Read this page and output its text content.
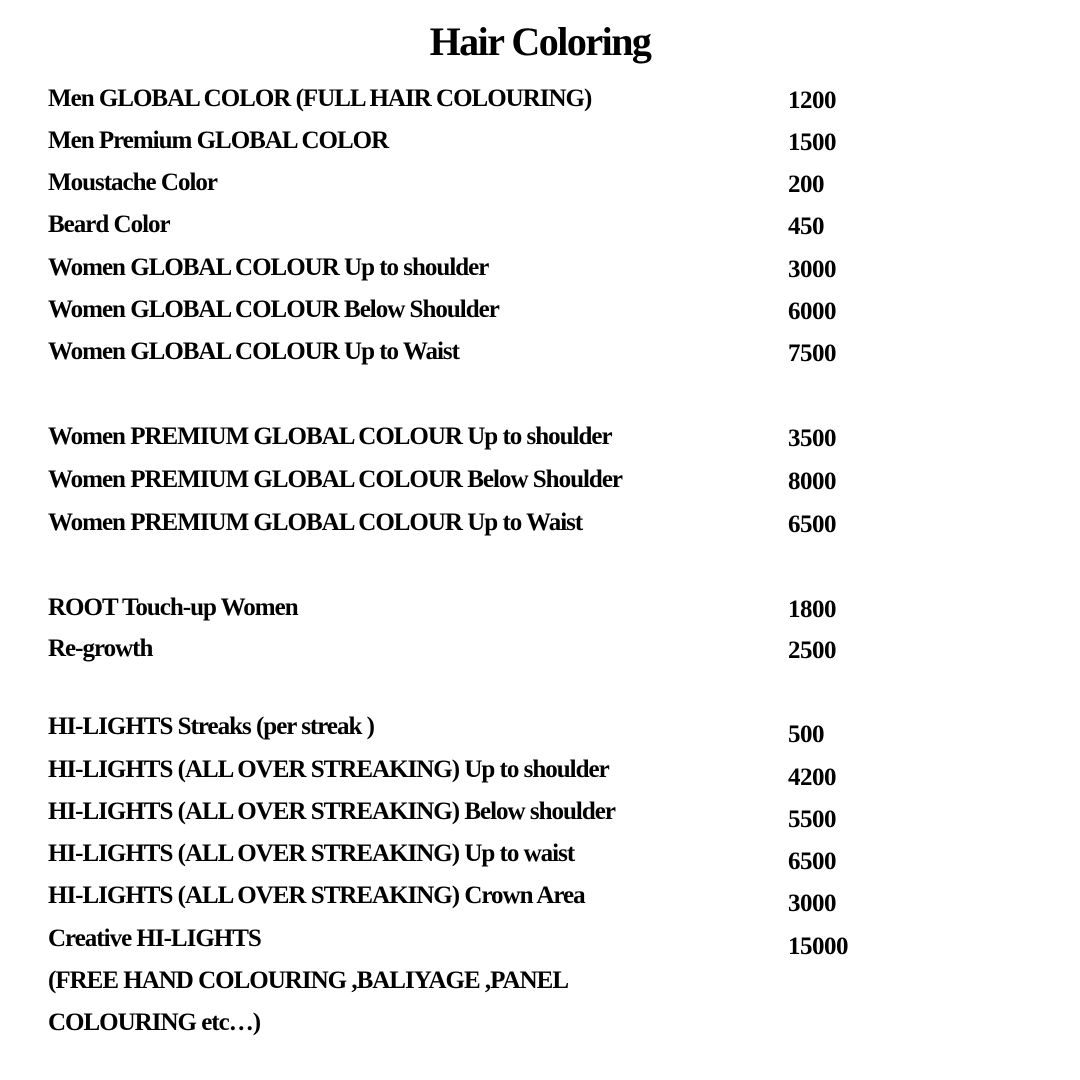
Hair Coloring
Men GLOBAL COLOR (FULL HAIR COLOURING)	1200
Men Premium GLOBAL COLOR	1500
Moustache Color	200
Beard Color	450
Women GLOBAL COLOUR Up to shoulder	3000
Women GLOBAL COLOUR Below Shoulder	6000
Women GLOBAL COLOUR Up to Waist	7500
Women PREMIUM GLOBAL COLOUR Up to shoulder	3500
Women PREMIUM GLOBAL COLOUR Below Shoulder	8000
Women PREMIUM GLOBAL COLOUR Up to Waist	6500
ROOT Touch-up Women	1800
Re-growth	2500
HI-LIGHTS Streaks (per streak )	500
HI-LIGHTS (ALL OVER STREAKING) Up to shoulder	4200
HI-LIGHTS (ALL OVER STREAKING) Below shoulder	5500
HI-LIGHTS (ALL OVER STREAKING) Up to waist	6500
HI-LIGHTS (ALL OVER STREAKING) Crown Area	3000
Creative HI-LIGHTS	15000
(FREE HAND COLOURING ,BALIYAGE ,PANEL
COLOURING etc…)
